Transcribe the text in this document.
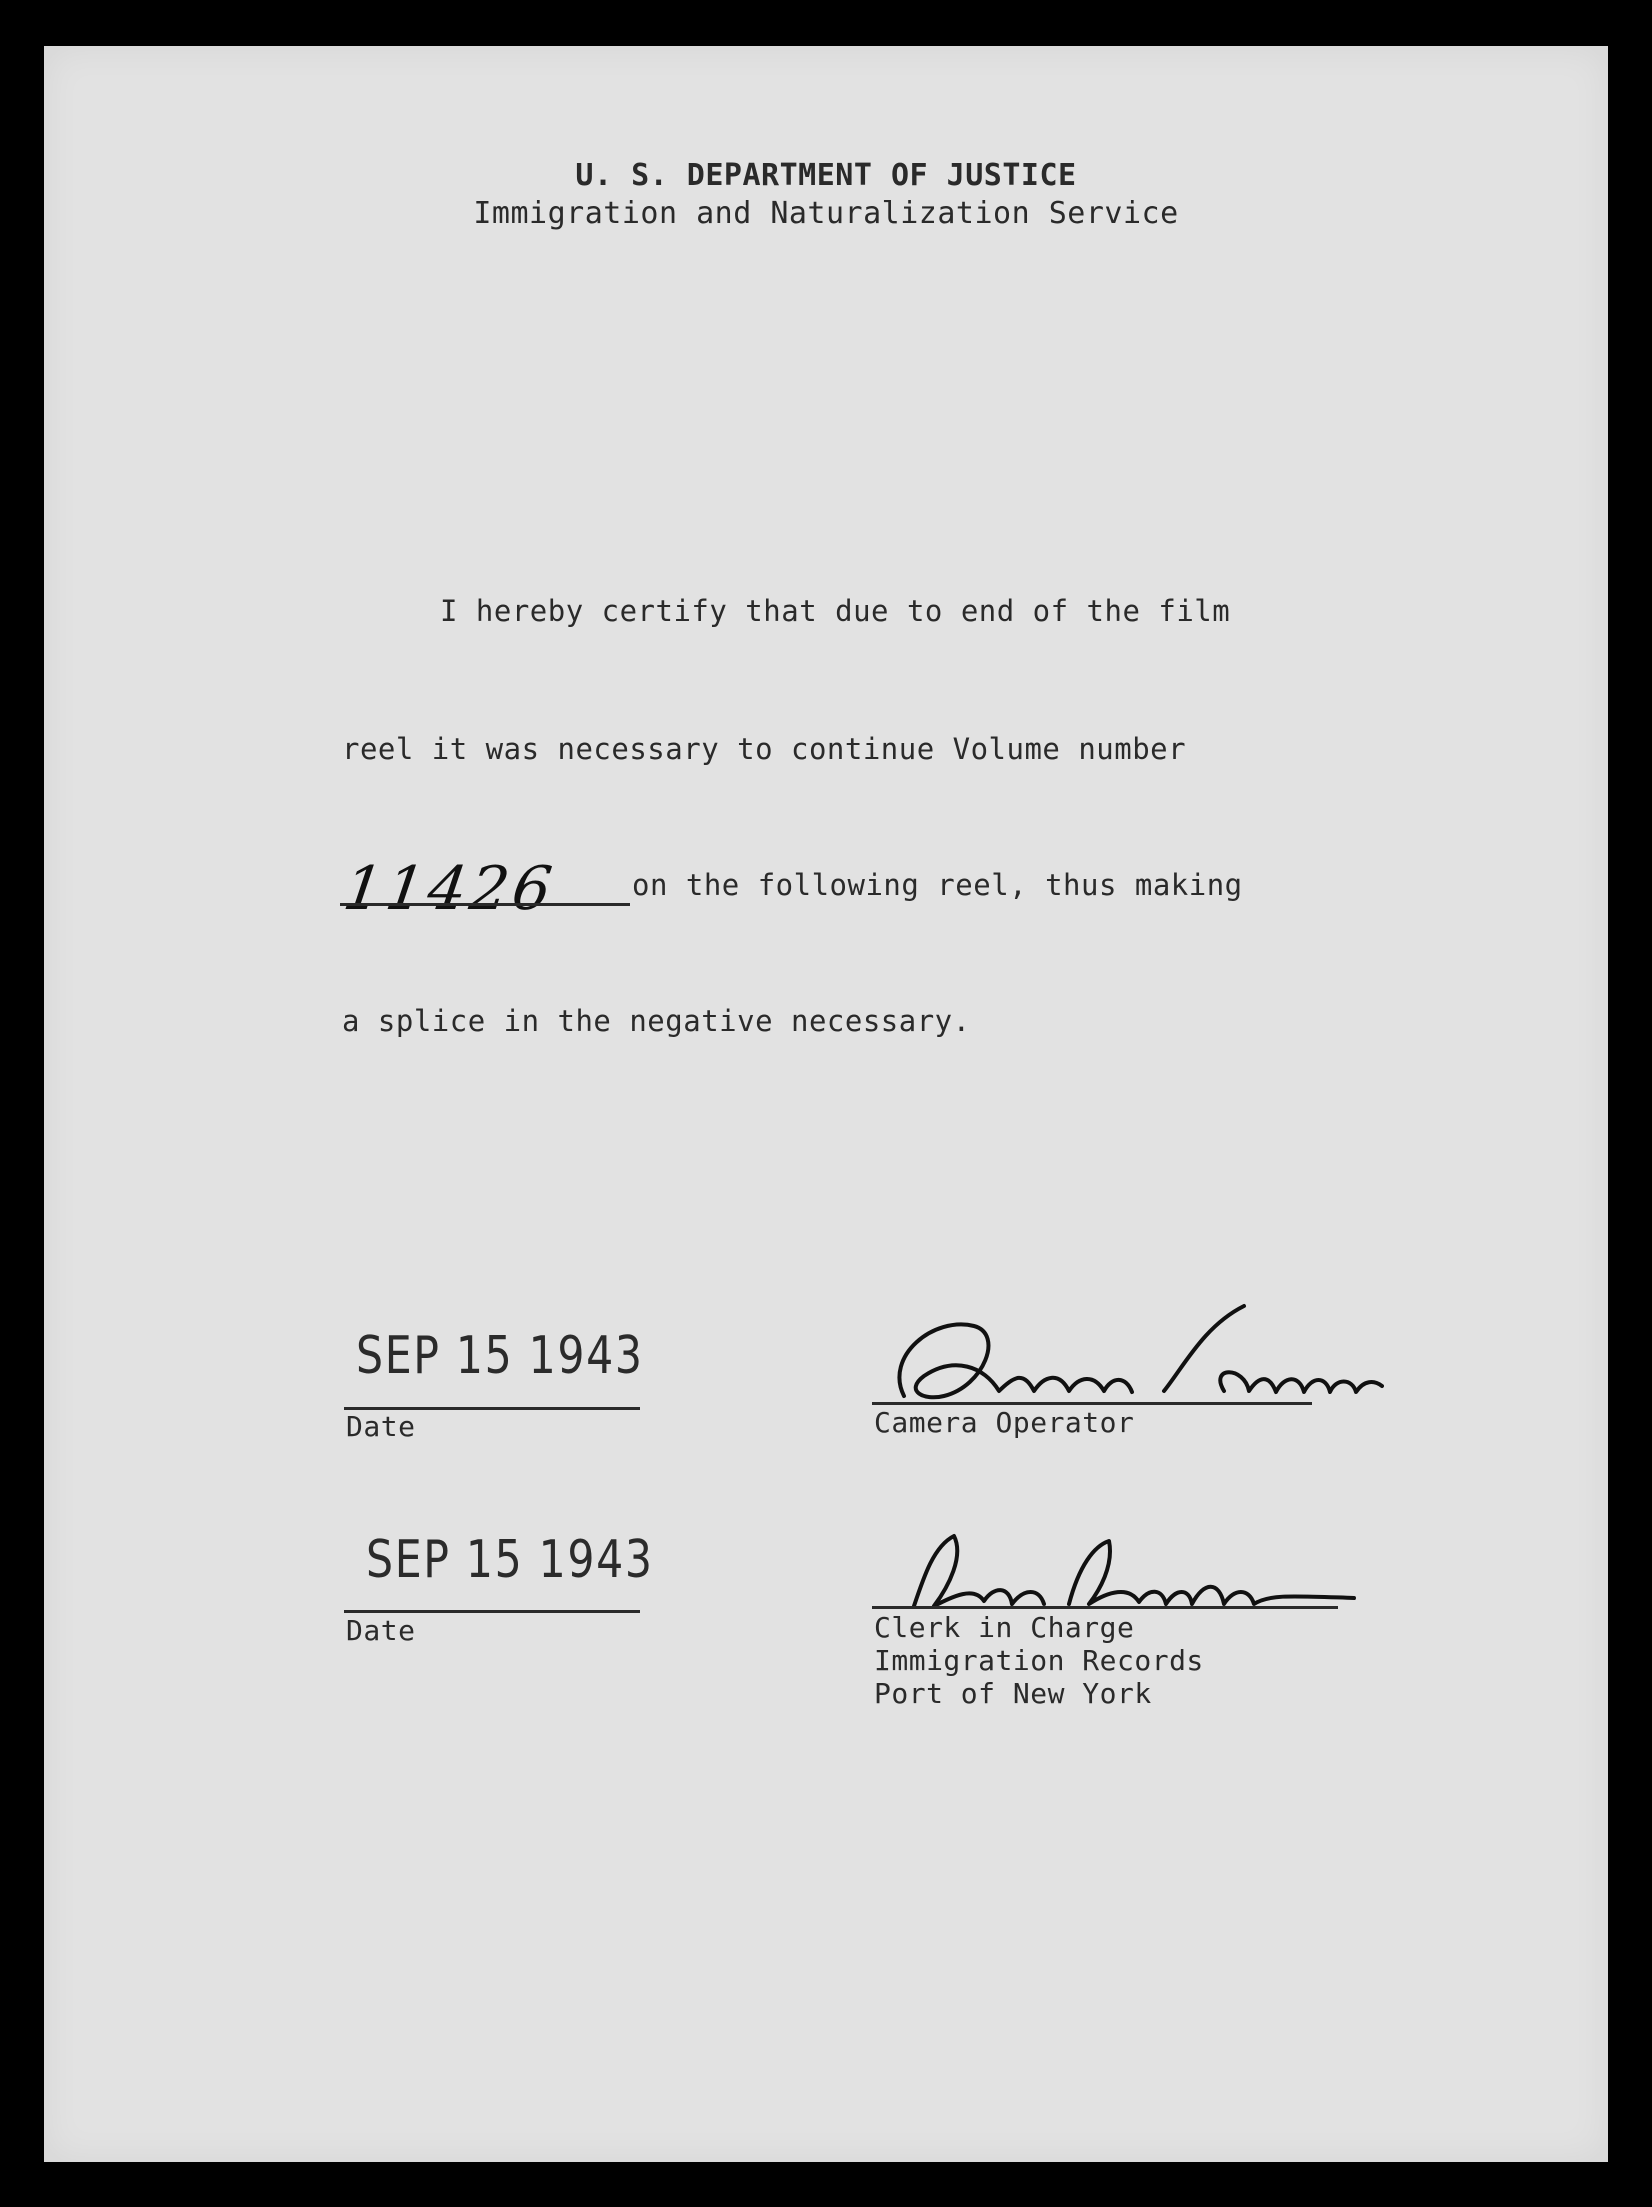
U. S. DEPARTMENT OF JUSTICE
Immigration and Naturalization Service
I hereby certify that due to end of the film
reel it was necessary to continue Volume number
11426 on the following reel, thus making
a splice in the negative necessary.
SEP 15 1943
Date	Camera Operator
SEP 15 1943
Date	Clerk in Charge
Immigration Records
Port of New York
